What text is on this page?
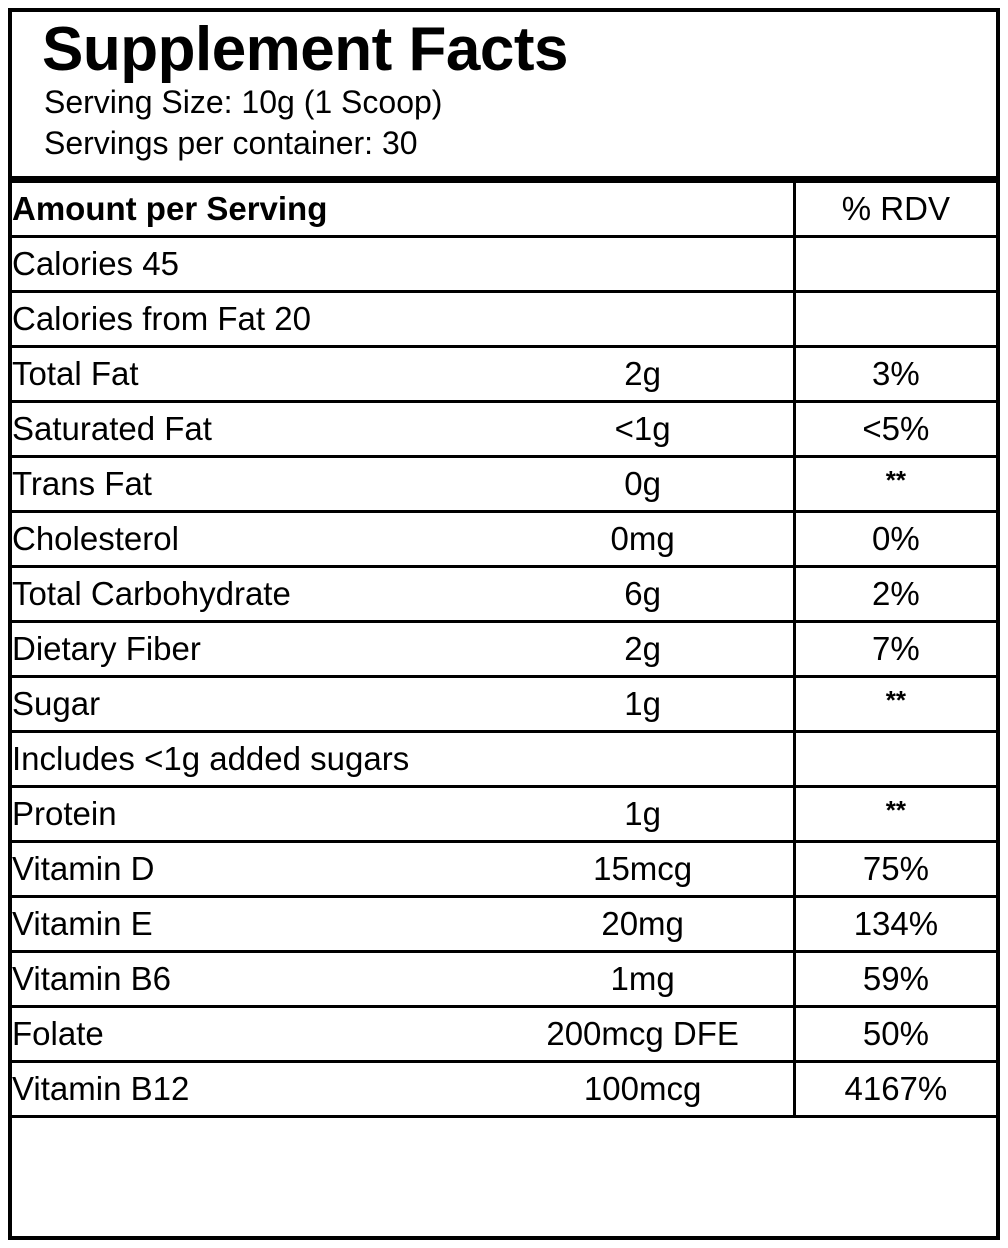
Supplement Facts
Serving Size: 10g (1 Scoop)
Servings per container: 30
Amount per Serving		% RDV
Calories 45		
Calories from Fat 20		
Total Fat	2g	3%
Saturated Fat	<1g	<5%
Trans Fat	0g	**
Cholesterol	0mg	0%
Total Carbohydrate	6g	2%
Dietary Fiber	2g	7%
Sugar	1g	**
Includes <1g added sugars		
Protein	1g	**
Vitamin D	15mcg	75%
Vitamin E	20mg	134%
Vitamin B6	1mg	59%
Folate	200mcg DFE	50%
Vitamin B12	100mcg	4167%
